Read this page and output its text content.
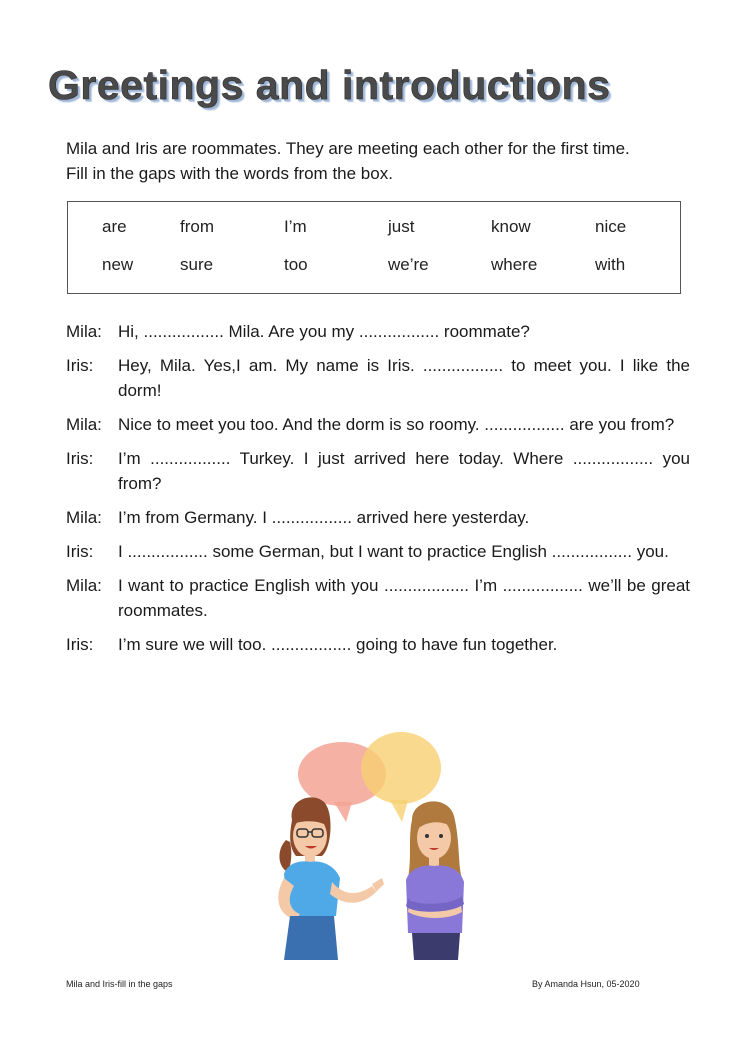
Greetings and introductions

Mila and Iris are roommates. They are meeting each other for the first time.

Fill in the gaps with the words from the box.

are	from	I’m	just	know	nice
new	sure	too	we’re	where	with
Mila: Hi, ................. Mila. Are you my ................. roommate?
Iris:	Hey, Mila. Yes,I am. My name is Iris. ................. to meet you. I like the dorm!
Mila: Nice to meet you too. And the dorm is so roomy. ................. are you from?
Iris:	I’m ................. Turkey. I just arrived here today. Where ................. you from?
Mila: I’m from Germany. I ................. arrived here yesterday.
Iris:	I ................. some German, but I want to practice English ................. you.
Mila: I want to practice English with you .................. I’m ................. we’ll be great roommates.
Iris:	I’m sure we will too. ................. going to have fun together.
Mila and Iris-fill in the gaps	By Amanda Hsun, 05-2020
